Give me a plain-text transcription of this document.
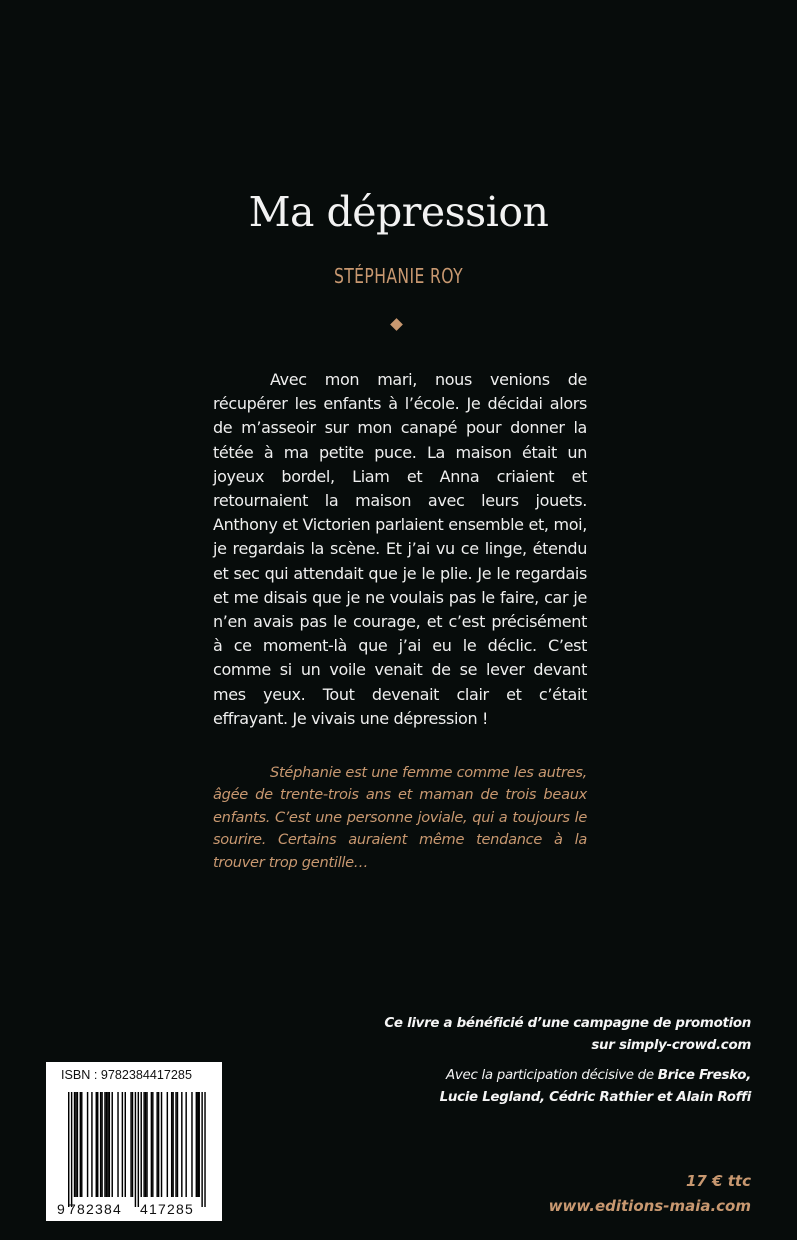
Ma dépression
STÉPHANIE ROY

Avec mon mari, nous venions de récupérer les enfants à l’école. Je décidai alors de m’asseoir sur mon canapé pour donner la tétée à ma petite puce. La maison était un joyeux bordel, Liam et Anna criaient et retournaient la maison avec leurs jouets. Anthony et Victorien parlaient ensemble et, moi, je regardais la scène. Et j’ai vu ce linge, étendu et sec qui attendait que je le plie. Je le regardais et me disais que je ne voulais pas le faire, car je n’en avais pas le courage, et c’est précisément à ce moment-là que j’ai eu le déclic. C’est comme si un voile venait de se lever devant mes yeux. Tout devenait clair et c’était effrayant. Je vivais une dépression !

Stéphanie est une femme comme les autres, âgée de trente-trois ans et maman de trois beaux enfants. C’est une personne joviale, qui a toujours le sourire. Certains auraient même tendance à la trouver trop gentille…

Ce livre a bénéficié d’une campagne de promotion
sur simply-crowd.com
Avec la participation décisive de Brice Fresko,
Lucie Legland, Cédric Rathier et Alain Roffi
17 € ttc
www.editions-maia.com
ISBN : 9782384417285
9 782384 417285
